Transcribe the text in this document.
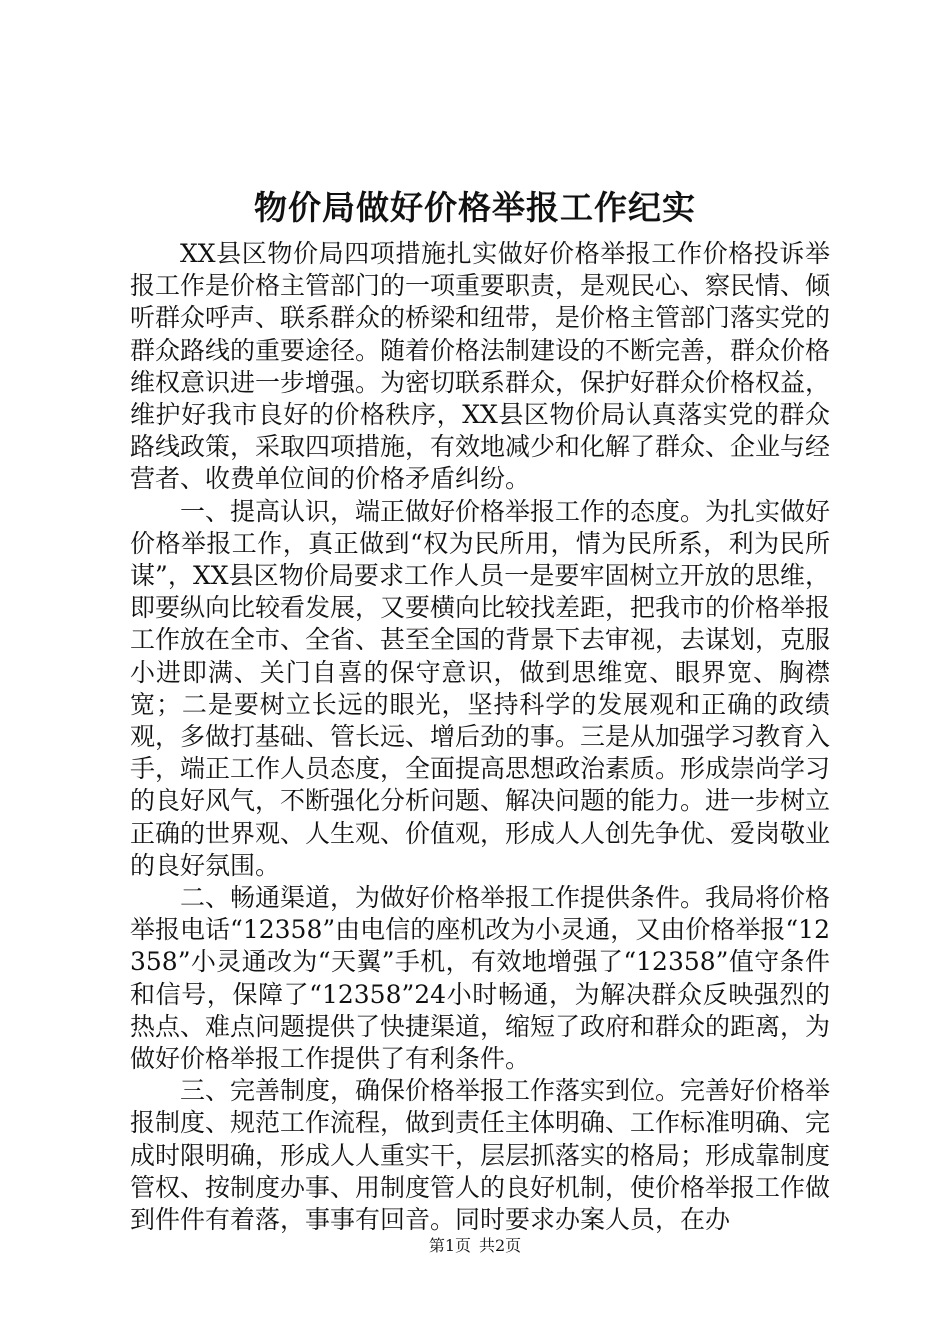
物价局做好价格举报工作纪实

XX县区物价局四项措施扎实做好价格举报工作价格投诉举报工作是价格主管部门的一项重要职责，是观民心、察民情、倾听群众呼声、联系群众的桥梁和纽带，是价格主管部门落实党的群众路线的重要途径。随着价格法制建设的不断完善，群众价格维权意识进一步增强。为密切联系群众，保护好群众价格权益，维护好我市良好的价格秩序，XX县区物价局认真落实党的群众路线政策，采取四项措施，有效地减少和化解了群众、企业与经营者、收费单位间的价格矛盾纠纷。

一、提高认识，端正做好价格举报工作的态度。为扎实做好价格举报工作，真正做到“权为民所用，情为民所系，利为民所谋”，XX县区物价局要求工作人员一是要牢固树立开放的思维，即要纵向比较看发展，又要横向比较找差距，把我市的价格举报工作放在全市、全省、甚至全国的背景下去审视，去谋划，克服小进即满、关门自喜的保守意识，做到思维宽、眼界宽、胸襟宽；二是要树立长远的眼光，坚持科学的发展观和正确的政绩观，多做打基础、管长远、增后劲的事。三是从加强学习教育入手，端正工作人员态度，全面提高思想政治素质。形成崇尚学习的良好风气，不断强化分析问题、解决问题的能力。进一步树立正确的世界观、人生观、价值观，形成人人创先争优、爱岗敬业的良好氛围。

二、畅通渠道，为做好价格举报工作提供条件。我局将价格举报电话“12358”由电信的座机改为小灵通，又由价格举报“12358”小灵通改为“天翼”手机，有效地增强了“12358”值守条件和信号，保障了“12358”24小时畅通，为解决群众反映强烈的热点、难点问题提供了快捷渠道，缩短了政府和群众的距离，为做好价格举报工作提供了有利条件。

三、完善制度，确保价格举报工作落实到位。完善好价格举报制度、规范工作流程，做到责任主体明确、工作标准明确、完成时限明确，形成人人重实干，层层抓落实的格局；形成靠制度管权、按制度办事、用制度管人的良好机制，使价格举报工作做到件件有着落，事事有回音。同时要求办案人员，在办

第1页 共2页
